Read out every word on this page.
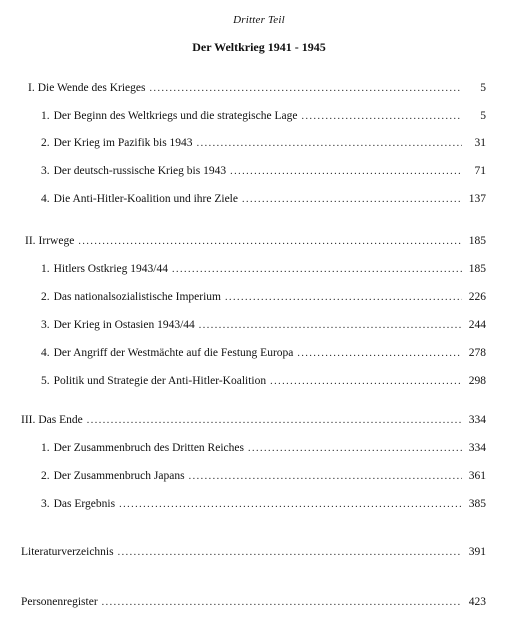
Dritter Teil
Der Weltkrieg 1941 - 1945
I. Die Wende des Krieges . . .	5
1. Der Beginn des Weltkriegs und die strategische Lage . . .	5
2. Der Krieg im Pazifik bis 1943 . . .	31
3. Der deutsch-russische Krieg bis 1943 . . .	71
4. Die Anti-Hitler-Koalition und ihre Ziele . . .	137
II. Irrwege . . .	185
1. Hitlers Ostkrieg 1943/44 . . .	185
2. Das nationalsozialistische Imperium . . .	226
3. Der Krieg in Ostasien 1943/44 . . .	244
4. Der Angriff der Westmächte auf die Festung Europa . . .	278
5. Politik und Strategie der Anti-Hitler-Koalition . . .	298
III. Das Ende . . .	334
1. Der Zusammenbruch des Dritten Reiches . . .	334
2. Der Zusammenbruch Japans . . .	361
3. Das Ergebnis . . .	385
Literaturverzeichnis . . .	391
Personenregister . . .	423
